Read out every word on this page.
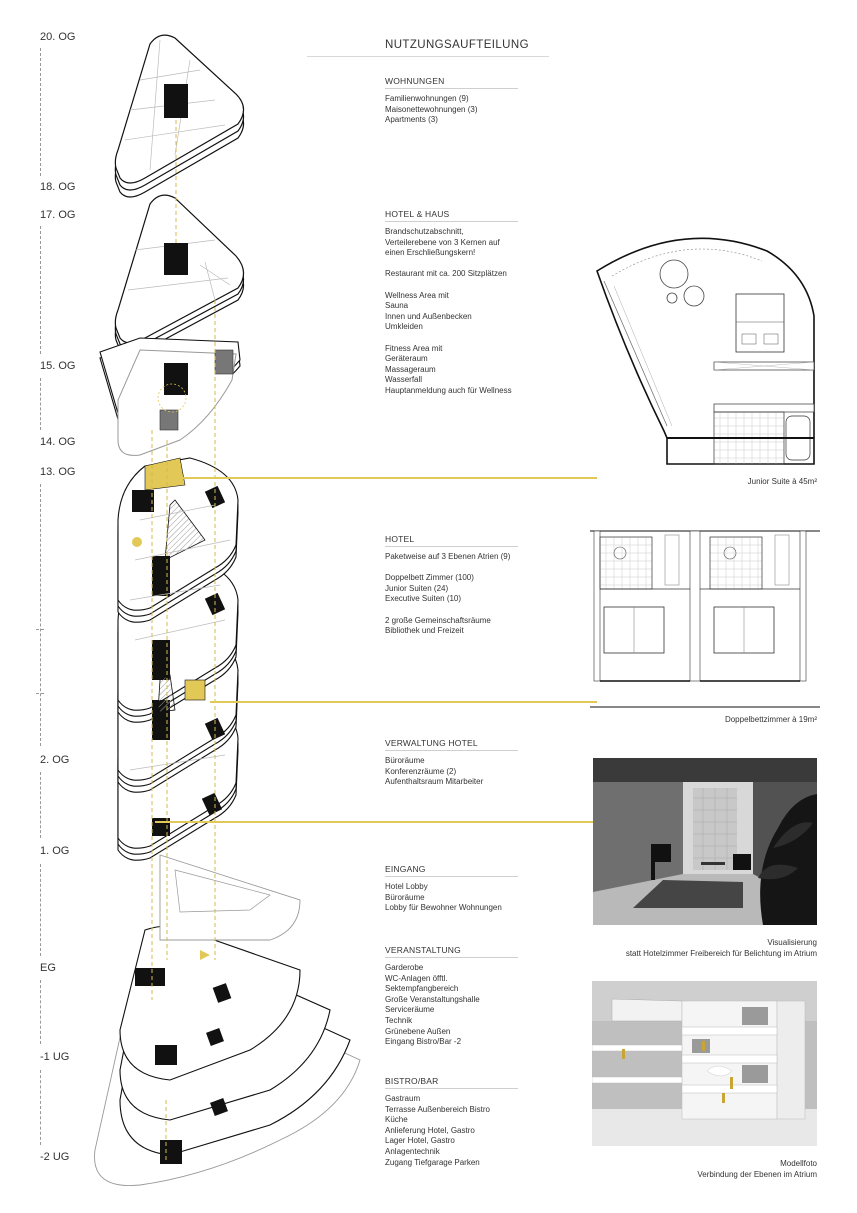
20. OG
18. OG
17. OG
15. OG
14. OG
13. OG
2. OG
1. OG
EG
-1 UG
-2 UG
NUTZUNGSAUFTEILUNG
WOHNUNGEN
Familienwohnungen (9)
Maisonettewohnungen (3)
Apartments (3)
HOTEL & HAUS
Brandschutzabschnitt,
Verteilerebene von 3 Kernen auf
einen Erschließungskern!
Restaurant mit ca. 200 Sitzplätzen
Wellness Area mit
Sauna
Innen und Außenbecken
Umkleiden
Fitness Area mit
Geräteraum
Massageraum
Wasserfall
Hauptanmeldung auch für Wellness
HOTEL
Paketweise auf 3 Ebenen Atrien (9)
Doppelbett Zimmer (100)
Junior Suiten (24)
Executive Suiten (10)
2 große Gemeinschaftsräume
Bibliothek und Freizeit
VERWALTUNG HOTEL
Büroräume
Konferenzräume (2)
Aufenthaltsraum Mitarbeiter
EINGANG
Hotel Lobby
Büroräume
Lobby für Bewohner Wohnungen
VERANSTALTUNG
Garderobe
WC-Anlagen öfftl.
Sektempfangbereich
Große Veranstaltungshalle
Serviceräume
Technik
Grünebene Außen
Eingang Bistro/Bar -2
BISTRO/BAR
Gastraum
Terrasse Außenbereich Bistro
Küche
Anlieferung Hotel, Gastro
Lager Hotel, Gastro
Anlagentechnik
Zugang Tiefgarage Parken
Junior Suite à 45m²
Doppelbettzimmer à 19m²
Visualisierung
statt Hotelzimmer Freibereich für Belichtung im Atrium
Modellfoto
Verbindung der Ebenen im Atrium
